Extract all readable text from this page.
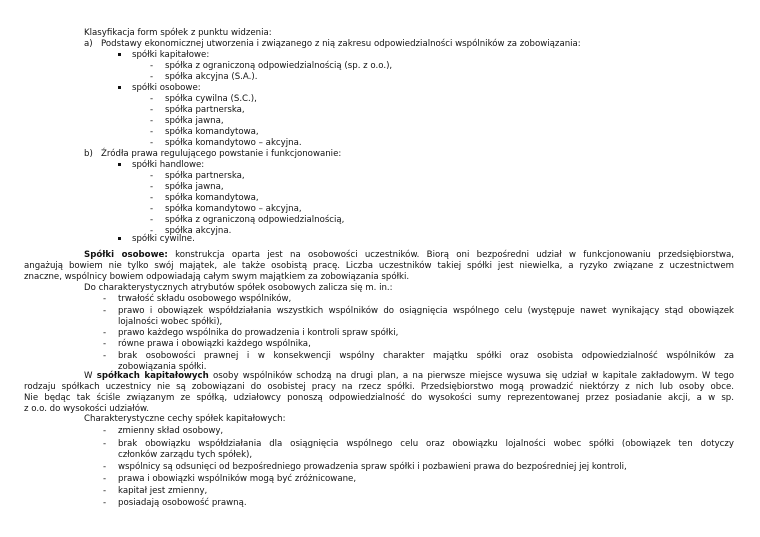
Klasyfikacja form spółek z punktu widzenia:
a) Podstawy ekonomicznej utworzenia i związanego z nią zakresu odpowiedzialności wspólników za zobowiązania:
spółki kapitałowe:
- spółka z ograniczoną odpowiedzialnością (sp. z o.o.),
- spółka akcyjna (S.A.).
spółki osobowe:
- spółka cywilna (S.C.),
- spółka partnerska,
- spółka jawna,
- spółka komandytowa,
- spółka komandytowo – akcyjna.
b) Źródła prawa regulującego powstanie i funkcjonowanie:
spółki handlowe:
- spółka partnerska,
- spółka jawna,
- spółka komandytowa,
- spółka komandytowo – akcyjna,
- spółka z ograniczoną odpowiedzialnością,
- spółka akcyjna.
spółki cywilne.
Spółki osobowe: konstrukcja oparta jest na osobowości uczestników. Biorą oni bezpośredni udział w funkcjonowaniu przedsiębiorstwa,
angażują bowiem nie tylko swój majątek, ale także osobistą pracę. Liczba uczestników takiej spółki jest niewielka, a ryzyko związane z uczestnictwem
znaczne, wspólnicy bowiem odpowiadają całym swym majątkiem za zobowiązania spółki.
Do charakterystycznych atrybutów spółek osobowych zalicza się m. in.:
- trwałość składu osobowego wspólników,
- prawo i obowiązek współdziałania wszystkich wspólników do osiągnięcia wspólnego celu (występuje nawet wynikający stąd obowiązek
lojalności wobec spółki),
- prawo każdego wspólnika do prowadzenia i kontroli spraw spółki,
- równe prawa i obowiązki każdego wspólnika,
- brak osobowości prawnej i w konsekwencji wspólny charakter majątku spółki oraz osobista odpowiedzialność wspólników za
zobowiązania spółki.
W spółkach kapitałowych osoby wspólników schodzą na drugi plan, a na pierwsze miejsce wysuwa się udział w kapitale zakładowym. W tego
rodzaju spółkach uczestnicy nie są zobowiązani do osobistej pracy na rzecz spółki. Przedsiębiorstwo mogą prowadzić niektórzy z nich lub osoby obce.
Nie będąc tak ściśle związanym ze spółką, udziałowcy ponoszą odpowiedzialność do wysokości sumy reprezentowanej przez posiadanie akcji, a w sp.
z o.o. do wysokości udziałów.
Charakterystyczne cechy spółek kapitałowych:
- zmienny skład osobowy,
- brak obowiązku współdziałania dla osiągnięcia wspólnego celu oraz obowiązku lojalności wobec spółki (obowiązek ten dotyczy
członków zarządu tych spółek),
- wspólnicy są odsunięci od bezpośredniego prowadzenia spraw spółki i pozbawieni prawa do bezpośredniej jej kontroli,
- prawa i obowiązki wspólników mogą być zróżnicowane,
- kapitał jest zmienny,
- posiadają osobowość prawną.
